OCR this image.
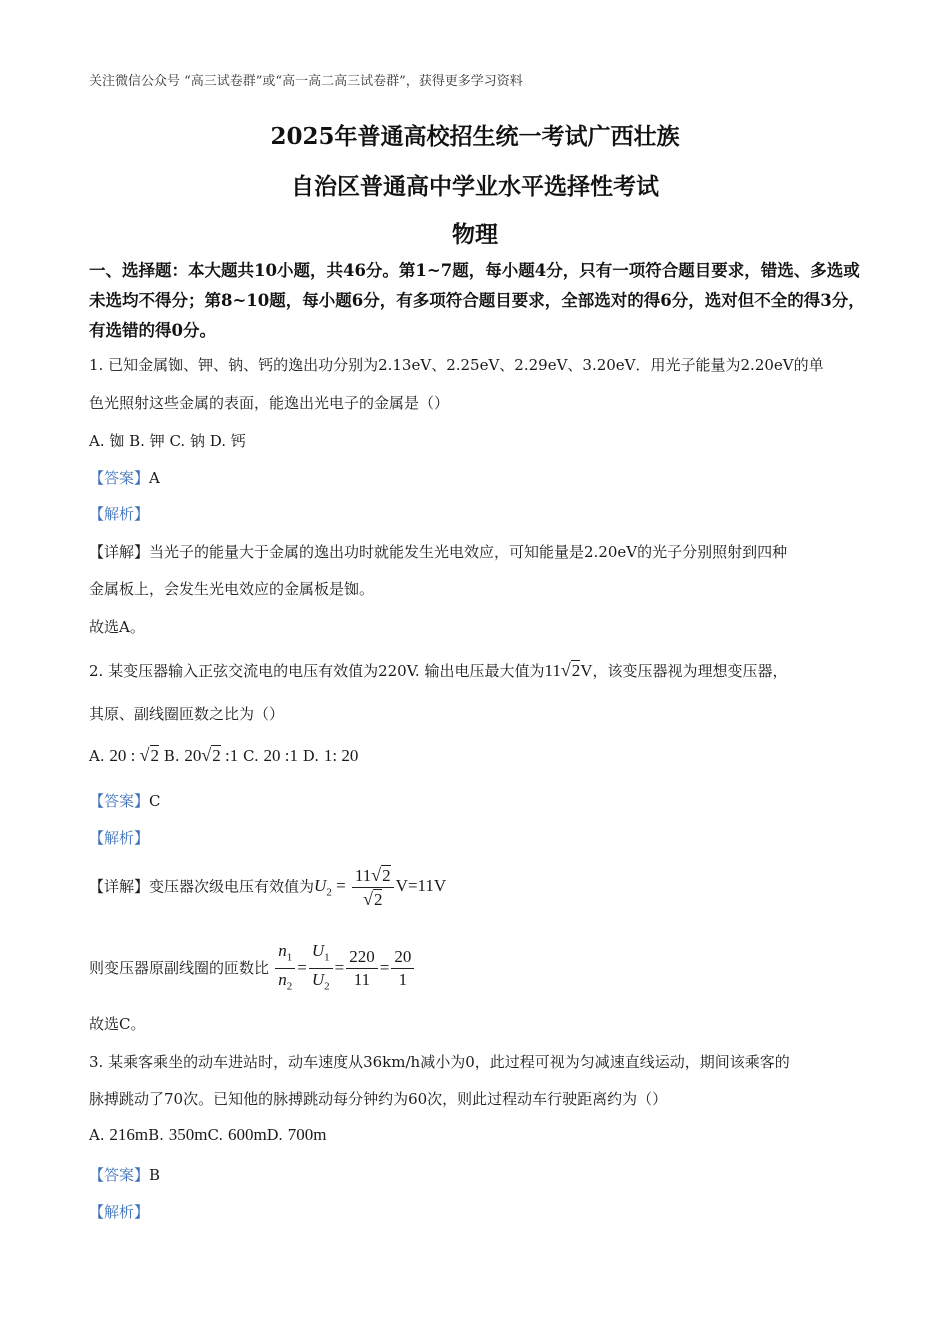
关注微信公众号 “高三试卷群”或“高一高二高三试卷群”，获得更多学习资料
2025年普通高校招生统一考试广西壮族
自治区普通高中学业水平选择性考试
物理
一、选择题：本大题共10小题，共46分。第1~7题，每小题4分，只有一项符合题目要求，错选、多选或未选均不得分；第8~10题，每小题6分，有多项符合题目要求，全部选对的得6分，选对但不全的得3分，有选错的得0分。
1. 已知金属铷、钾、钠、钙的逸出功分别为2.13eV、2.25eV、2.29eV、3.20eV．用光子能量为2.20eV的单
色光照射这些金属的表面，能逸出光电子的金属是（）
A. 铷 B. 钾 C. 钠 D. 钙
【答案】A
【解析】
【详解】当光子的能量大于金属的逸出功时就能发生光电效应，可知能量是2.20eV的光子分别照射到四种
金属板上，会发生光电效应的金属板是铷。
故选A。
2. 某变压器输入正弦交流电的电压有效值为220V. 输出电压最大值为11√2V，该变压器视为理想变压器，
其原、副线圈匝数之比为（）
A. 20 : √2 B. 20√2 :1 C. 20 :1 D. 1: 20
【答案】C
【解析】
【详解】变压器次级电压有效值为$U_2 = \frac{11√2}{√2} V=11V$
则变压器原副线圈的匝数比 $\frac{n_1}{n_2} = \frac{U_1}{U_2} = \frac{220}{11} = \frac{20}{1}$
故选C。
3. 某乘客乘坐的动车进站时，动车速度从36km/h减小为0，此过程可视为匀减速直线运动，期间该乘客的
脉搏跳动了70次。已知他的脉搏跳动每分钟约为60次，则此过程动车行驶距离约为（）
A. 216mB. 350mC. 600mD. 700m
【答案】B
【解析】
